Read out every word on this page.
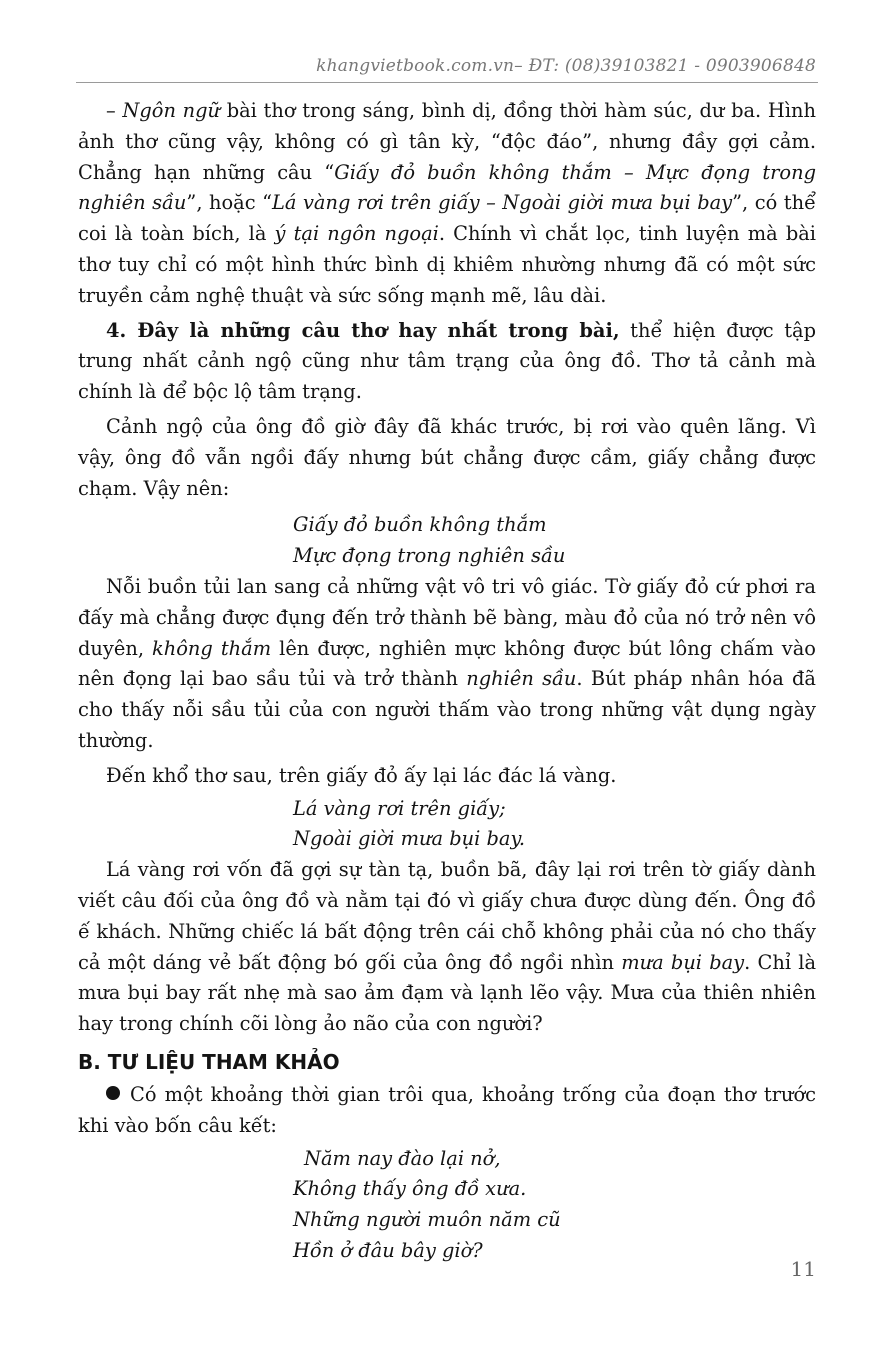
khangvietbook.com.vn– ĐT: (08)39103821 - 0903906848

– Ngôn ngữ bài thơ trong sáng, bình dị, đồng thời hàm súc, dư ba. Hình ảnh thơ cũng vậy, không có gì tân kỳ, “độc đáo”, nhưng đầy gợi cảm. Chẳng hạn những câu “Giấy đỏ buồn không thắm – Mực đọng trong nghiên sầu”, hoặc “Lá vàng rơi trên giấy – Ngoài giời mưa bụi bay”, có thể coi là toàn bích, là ý tại ngôn ngoại. Chính vì chắt lọc, tinh luyện mà bài thơ tuy chỉ có một hình thức bình dị khiêm nhường nhưng đã có một sức truyền cảm nghệ thuật và sức sống mạnh mẽ, lâu dài.

4. Đây là những câu thơ hay nhất trong bài, thể hiện được tập trung nhất cảnh ngộ cũng như tâm trạng của ông đồ. Thơ tả cảnh mà chính là để bộc lộ tâm trạng.

Cảnh ngộ của ông đồ giờ đây đã khác trước, bị rơi vào quên lãng. Vì vậy, ông đồ vẫn ngồi đấy nhưng bút chẳng được cầm, giấy chẳng được chạm. Vậy nên:

Giấy đỏ buồn không thắm

Mực đọng trong nghiên sầu

Nỗi buồn tủi lan sang cả những vật vô tri vô giác. Tờ giấy đỏ cứ phơi ra đấy mà chẳng được đụng đến trở thành bẽ bàng, màu đỏ của nó trở nên vô duyên, không thắm lên được, nghiên mực không được bút lông chấm vào nên đọng lại bao sầu tủi và trở thành nghiên sầu. Bút pháp nhân hóa đã cho thấy nỗi sầu tủi của con người thấm vào trong những vật dụng ngày thường.

Đến khổ thơ sau, trên giấy đỏ ấy lại lác đác lá vàng.

Lá vàng rơi trên giấy;

Ngoài giời mưa bụi bay.

Lá vàng rơi vốn đã gợi sự tàn tạ, buồn bã, đây lại rơi trên tờ giấy dành viết câu đối của ông đồ và nằm tại đó vì giấy chưa được dùng đến. Ông đồ ế khách. Những chiếc lá bất động trên cái chỗ không phải của nó cho thấy cả một dáng vẻ bất động bó gối của ông đồ ngồi nhìn mưa bụi bay. Chỉ là mưa bụi bay rất nhẹ mà sao ảm đạm và lạnh lẽo vậy. Mưa của thiên nhiên hay trong chính cõi lòng ảo não của con người?

B. TƯ LIỆU THAM KHẢO

Có một khoảng thời gian trôi qua, khoảng trống của đoạn thơ trước khi vào bốn câu kết:

Năm nay đào lại nở,

Không thấy ông đồ xưa.

Những người muôn năm cũ

Hồn ở đâu bây giờ?

11
